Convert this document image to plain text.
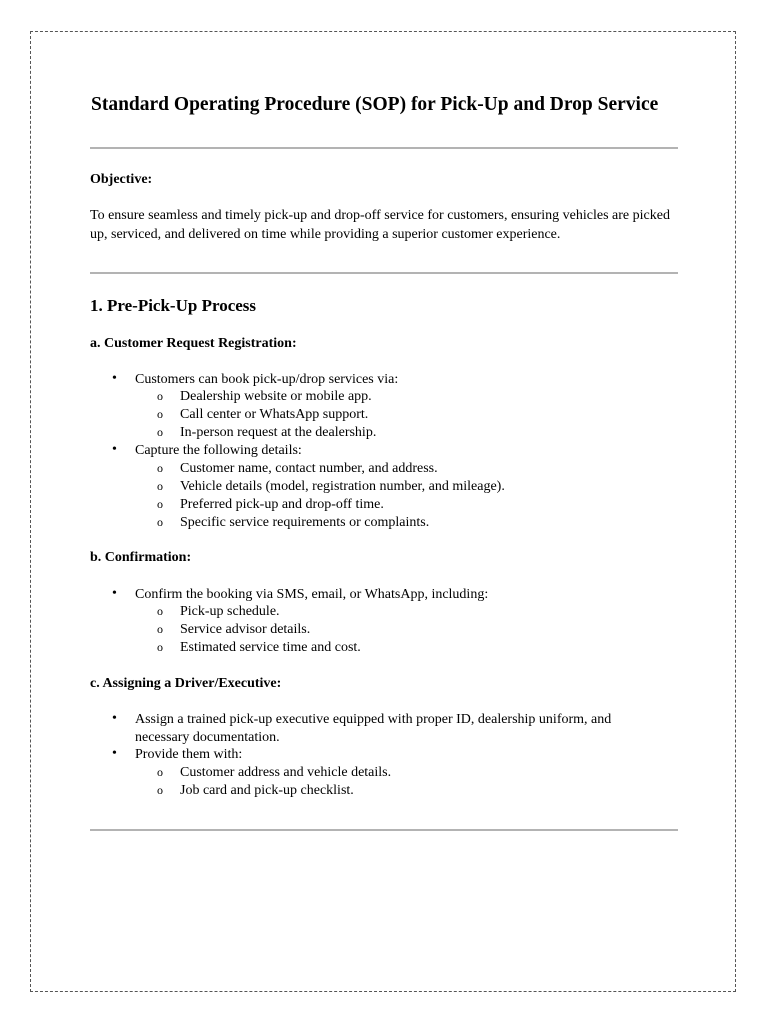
Standard Operating Procedure (SOP) for Pick-Up and Drop Service
Objective:
To ensure seamless and timely pick-up and drop-off service for customers, ensuring vehicles are picked up, serviced, and delivered on time while providing a superior customer experience.
1. Pre-Pick-Up Process
a. Customer Request Registration:
• Customers can book pick-up/drop services via:
o Dealership website or mobile app.
o Call center or WhatsApp support.
o In-person request at the dealership.
• Capture the following details:
o Customer name, contact number, and address.
o Vehicle details (model, registration number, and mileage).
o Preferred pick-up and drop-off time.
o Specific service requirements or complaints.
b. Confirmation:
• Confirm the booking via SMS, email, or WhatsApp, including:
o Pick-up schedule.
o Service advisor details.
o Estimated service time and cost.
c. Assigning a Driver/Executive:
• Assign a trained pick-up executive equipped with proper ID, dealership uniform, and necessary documentation.
• Provide them with:
o Customer address and vehicle details.
o Job card and pick-up checklist.
